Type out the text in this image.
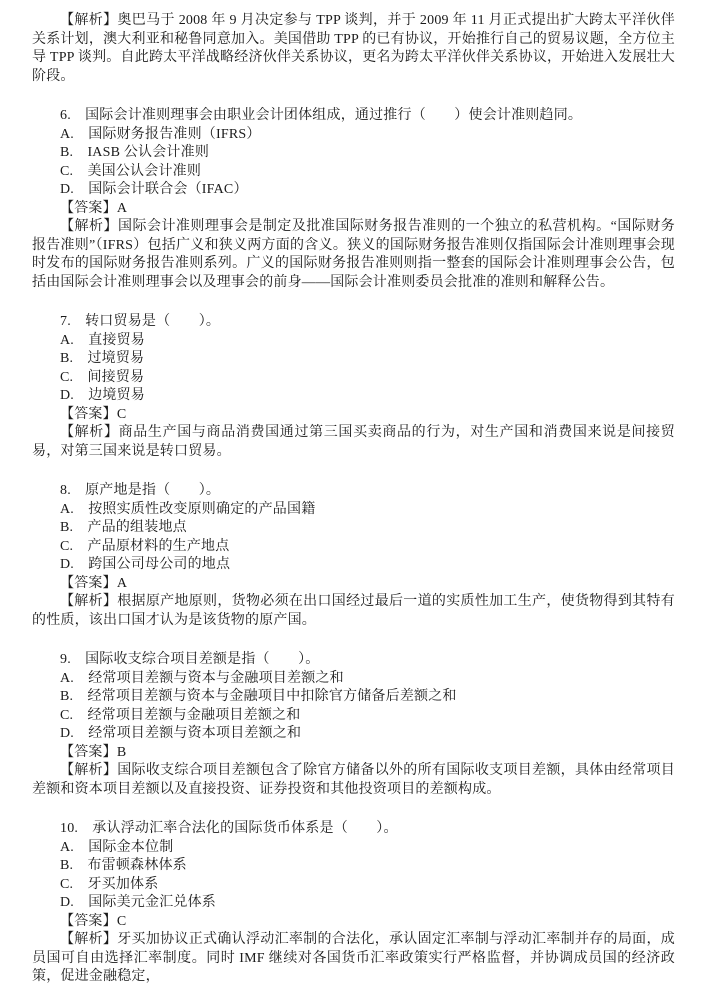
【解析】奥巴马于 2008 年 9 月决定参与 TPP 谈判，并于 2009 年 11 月正式提出扩大跨太平洋伙伴关系计划，澳大利亚和秘鲁同意加入。美国借助 TPP 的已有协议，开始推行自己的贸易议题，全方位主导 TPP 谈判。自此跨太平洋战略经济伙伴关系协议，更名为跨太平洋伙伴关系协议，开始进入发展壮大阶段。

6.　国际会计准则理事会由职业会计团体组成，通过推行（　　）使会计准则趋同。

A.　国际财务报告准则（IFRS）

B.　IASB 公认会计准则

C.　美国公认会计准则

D.　国际会计联合会（IFAC）

【答案】A

【解析】国际会计准则理事会是制定及批准国际财务报告准则的一个独立的私营机构。“国际财务报告准则”（IFRS）包括广义和狭义两方面的含义。狭义的国际财务报告准则仅指国际会计准则理事会现时发布的国际财务报告准则系列。广义的国际财务报告准则则指一整套的国际会计准则理事会公告，包括由国际会计准则理事会以及理事会的前身——国际会计准则委员会批准的准则和解释公告。

7.　转口贸易是（　　）。

A.　直接贸易

B.　过境贸易

C.　间接贸易

D.　边境贸易

【答案】C

【解析】商品生产国与商品消费国通过第三国买卖商品的行为，对生产国和消费国来说是间接贸易，对第三国来说是转口贸易。

8.　原产地是指（　　）。

A.　按照实质性改变原则确定的产品国籍

B.　产品的组装地点

C.　产品原材料的生产地点

D.　跨国公司母公司的地点

【答案】A

【解析】根据原产地原则，货物必须在出口国经过最后一道的实质性加工生产，使货物得到其特有的性质，该出口国才认为是该货物的原产国。

9.　国际收支综合项目差额是指（　　）。

A.　经常项目差额与资本与金融项目差额之和

B.　经常项目差额与资本与金融项目中扣除官方储备后差额之和

C.　经常项目差额与金融项目差额之和

D.　经常项目差额与资本项目差额之和

【答案】B

【解析】国际收支综合项目差额包含了除官方储备以外的所有国际收支项目差额，具体由经常项目差额和资本项目差额以及直接投资、证券投资和其他投资项目的差额构成。

10.　承认浮动汇率合法化的国际货币体系是（　　）。

A.　国际金本位制

B.　布雷顿森林体系

C.　牙买加体系

D.　国际美元金汇兑体系

【答案】C

【解析】牙买加协议正式确认浮动汇率制的合法化，承认固定汇率制与浮动汇率制并存的局面，成员国可自由选择汇率制度。同时 IMF 继续对各国货币汇率政策实行严格监督，并协调成员国的经济政策，促进金融稳定，
